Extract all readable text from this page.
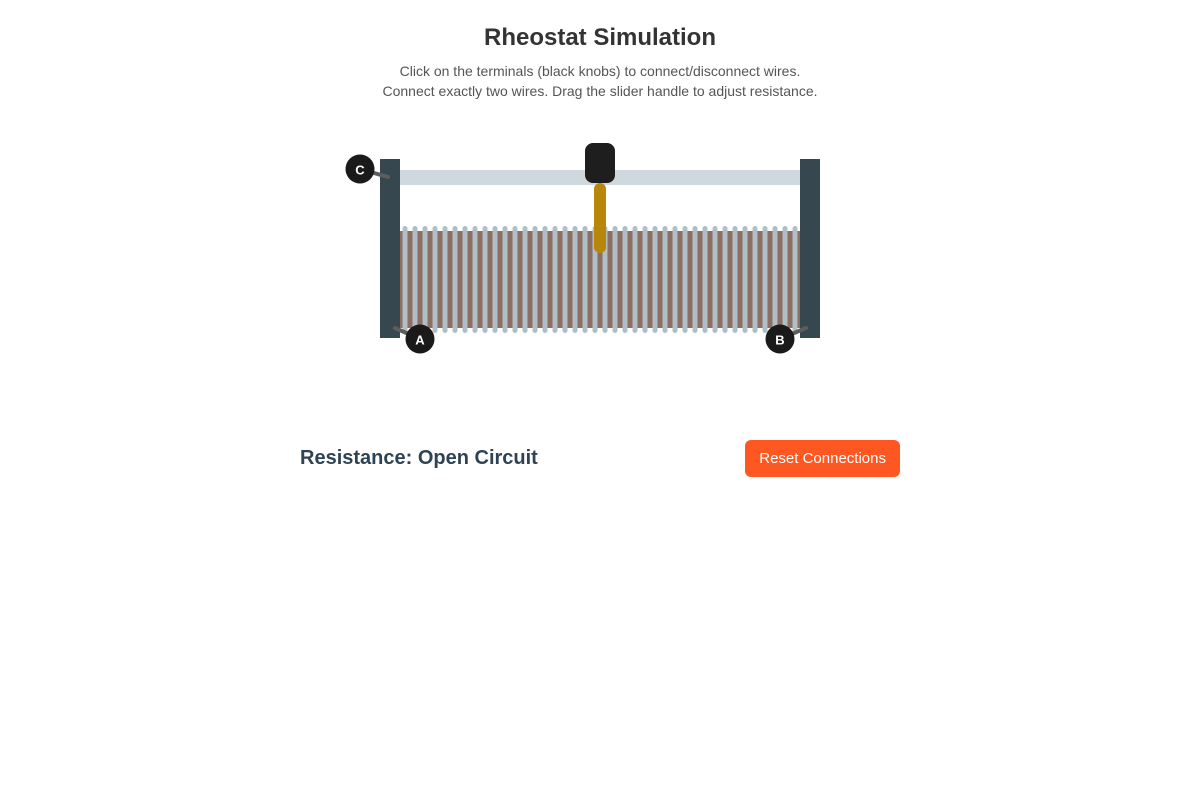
Rheostat Simulation

Click on the terminals (black knobs) to connect/disconnect wires.
Connect exactly two wires. Drag the slider handle to adjust resistance.

C
A	B
Resistance: Open Circuit	Reset Connections
